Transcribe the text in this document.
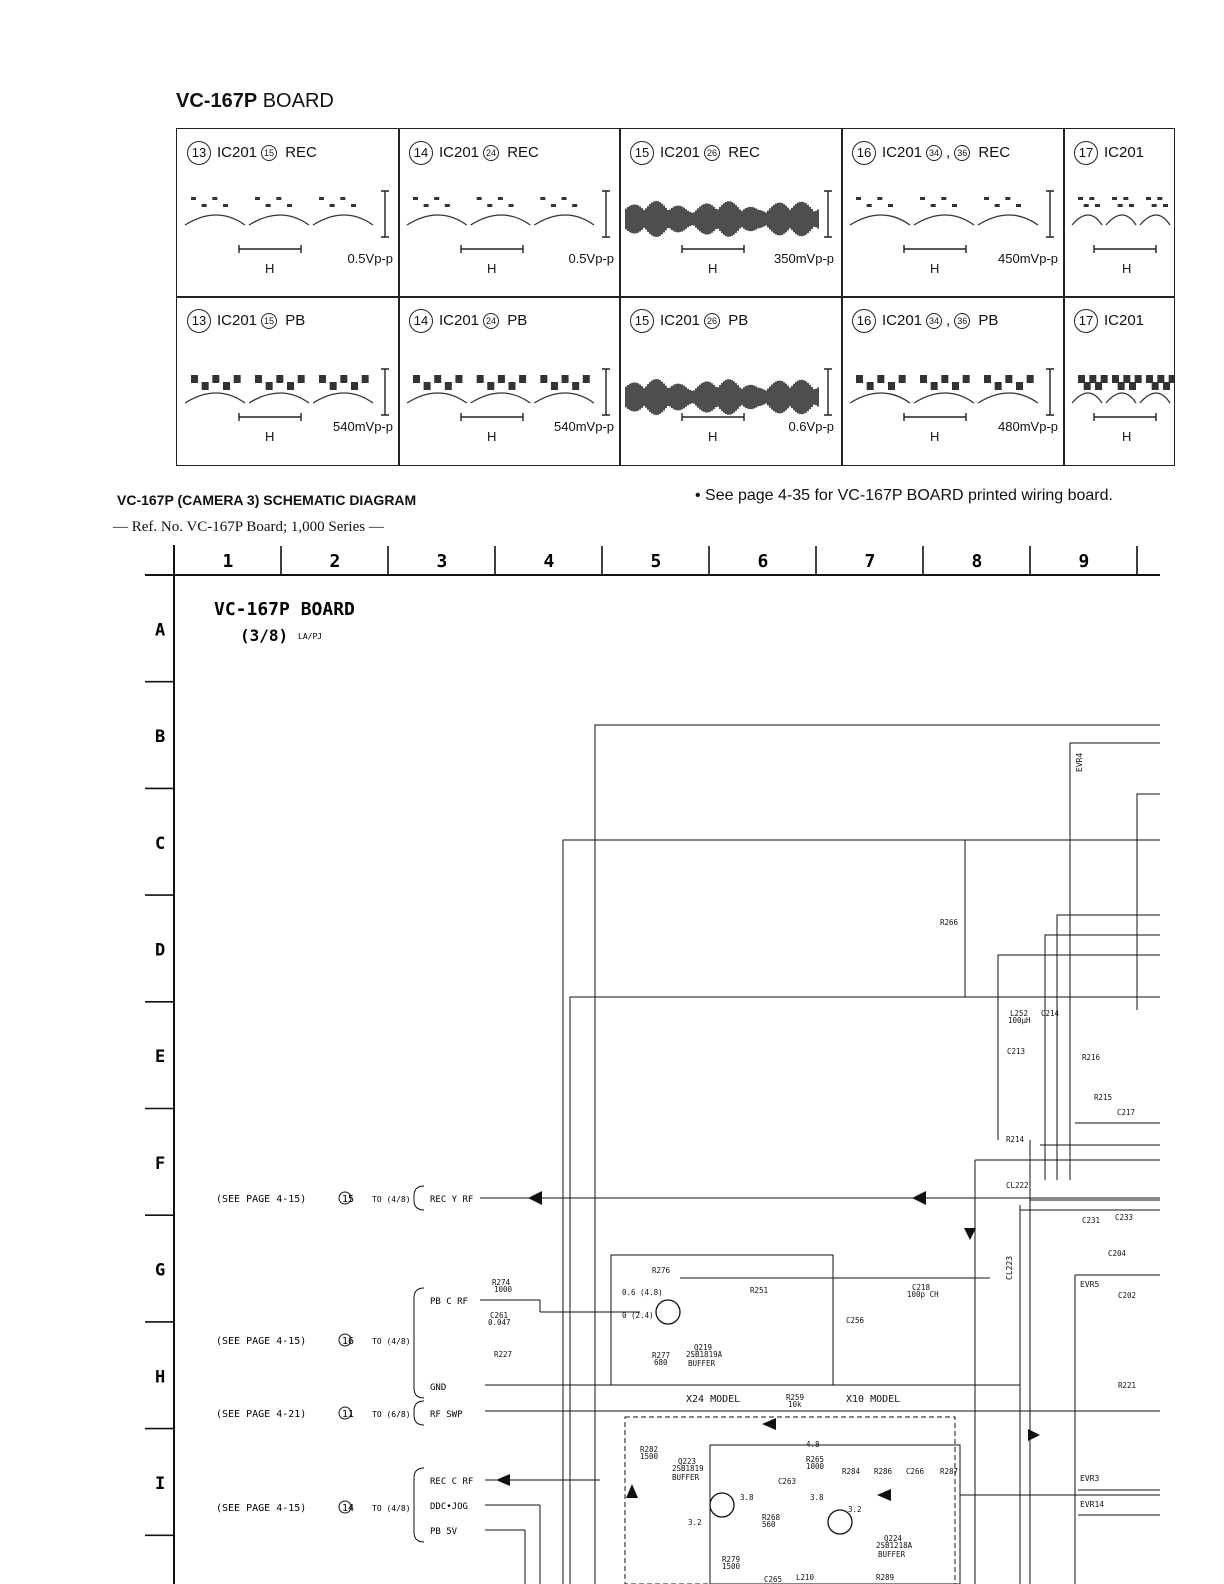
VC-167P BOARD
13 IC201 15 REC
0.5Vp-p
H
14 IC201 24 REC
0.5Vp-p
H
15 IC201 26 REC
350mVp-p
H
16 IC201 34 , 36 REC
450mVp-p
H
17 IC201
H
13 IC201 15 PB
540mVp-p
H
14 IC201 24 PB
540mVp-p
H
15 IC201 26 PB
0.6Vp-p
H
16 IC201 34 , 36 PB
480mVp-p
H
17 IC201
H
VC-167P (CAMERA 3) SCHEMATIC DIAGRAM	• See page 4-35 for VC-167P BOARD printed wiring board.
— Ref. No. VC-167P Board; 1,000 Series —
1	2	3	4	5	6	7	8	9
A
B
C
D
E
F
G
H
I
VC-167P BOARD
(3/8) LA/PJ
(SEE PAGE 4-15)	15 TO (4/8) REC Y RF
(SEE PAGE 4-15)	16 TO (4/8)
PB C RF
GND
(SEE PAGE 4-21)	11 TO (6/8) RF SWP
(SEE PAGE 4-15)	14 TO (4/8)
REC C RF
DDC•JOG
PB 5V
R276
R274
1000
C261
0.047
R227	R277
680
Q219
2SB1819A
BUFFER
0.6 (4.8)
0 (2.4)
R251	C218
100p CH
C256
R266
X24 MODEL	X10 MODEL
R259
10k
R282
1500
Q223
2SB1819
BUFFER
4.8
R265
1000
C263
3.8	3.8
3.2
3.2
R268
560
R284 R286 C266 R287
Q224
2SB1218A
BUFFER
R279
1500
C265 L210	R289
L252
100µH
C214
C213
R216
R215
R214
C217
CL222
C231 C233
C204
C202
R221
EVR5
EVR3
EVR14
EVR4
CL223
